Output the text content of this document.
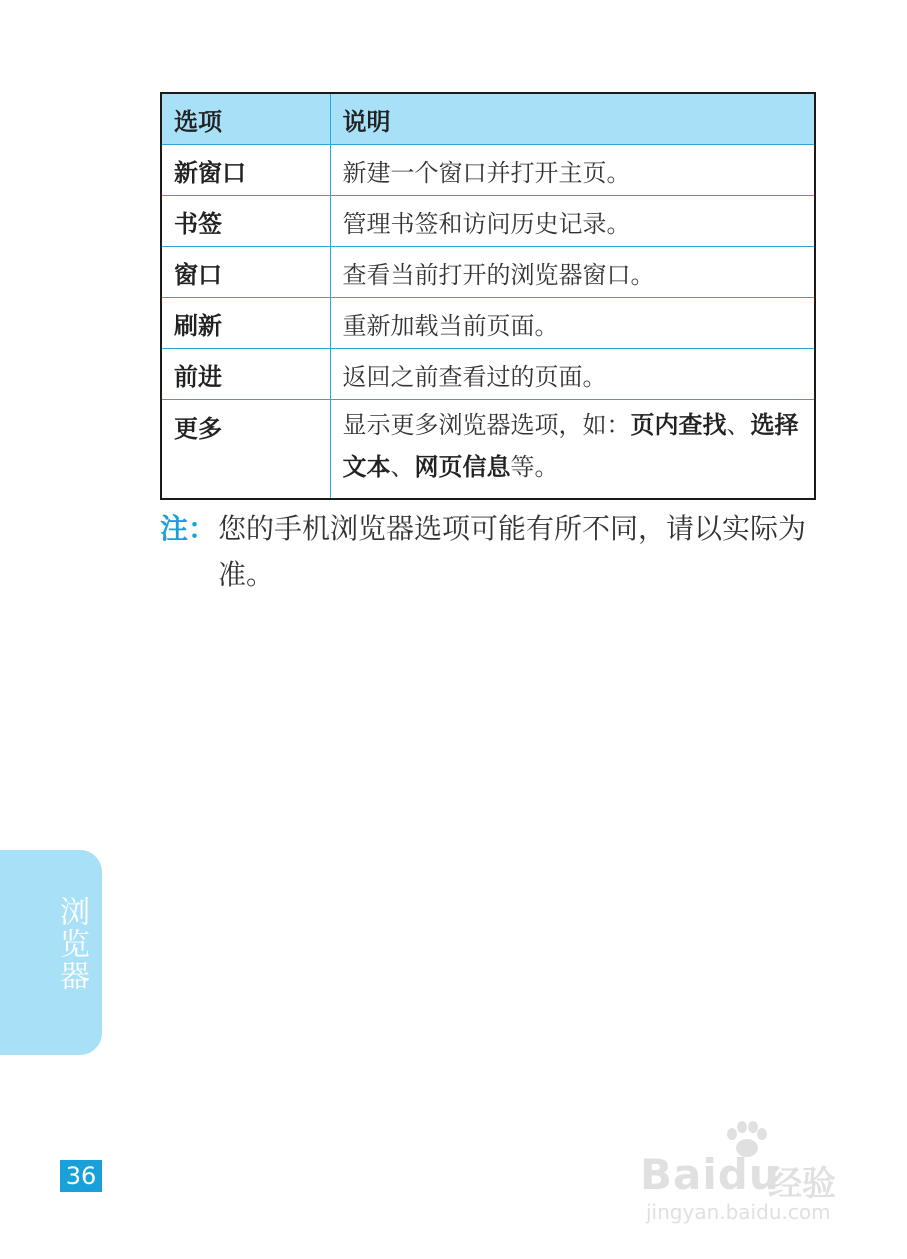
选项	说明
新窗口	新建一个窗口并打开主页。
书签	管理书签和访问历史记录。
窗口	查看当前打开的浏览器窗口。
刷新	重新加载当前页面。
前进	返回之前查看过的页面。
更多	显示更多浏览器选项，如：页内查找、选择文本、网页信息等。
注： 您的手机浏览器选项可能有所不同，请以实际为准。
浏览器
36	Baidu
经验
jingyan.baidu.com
